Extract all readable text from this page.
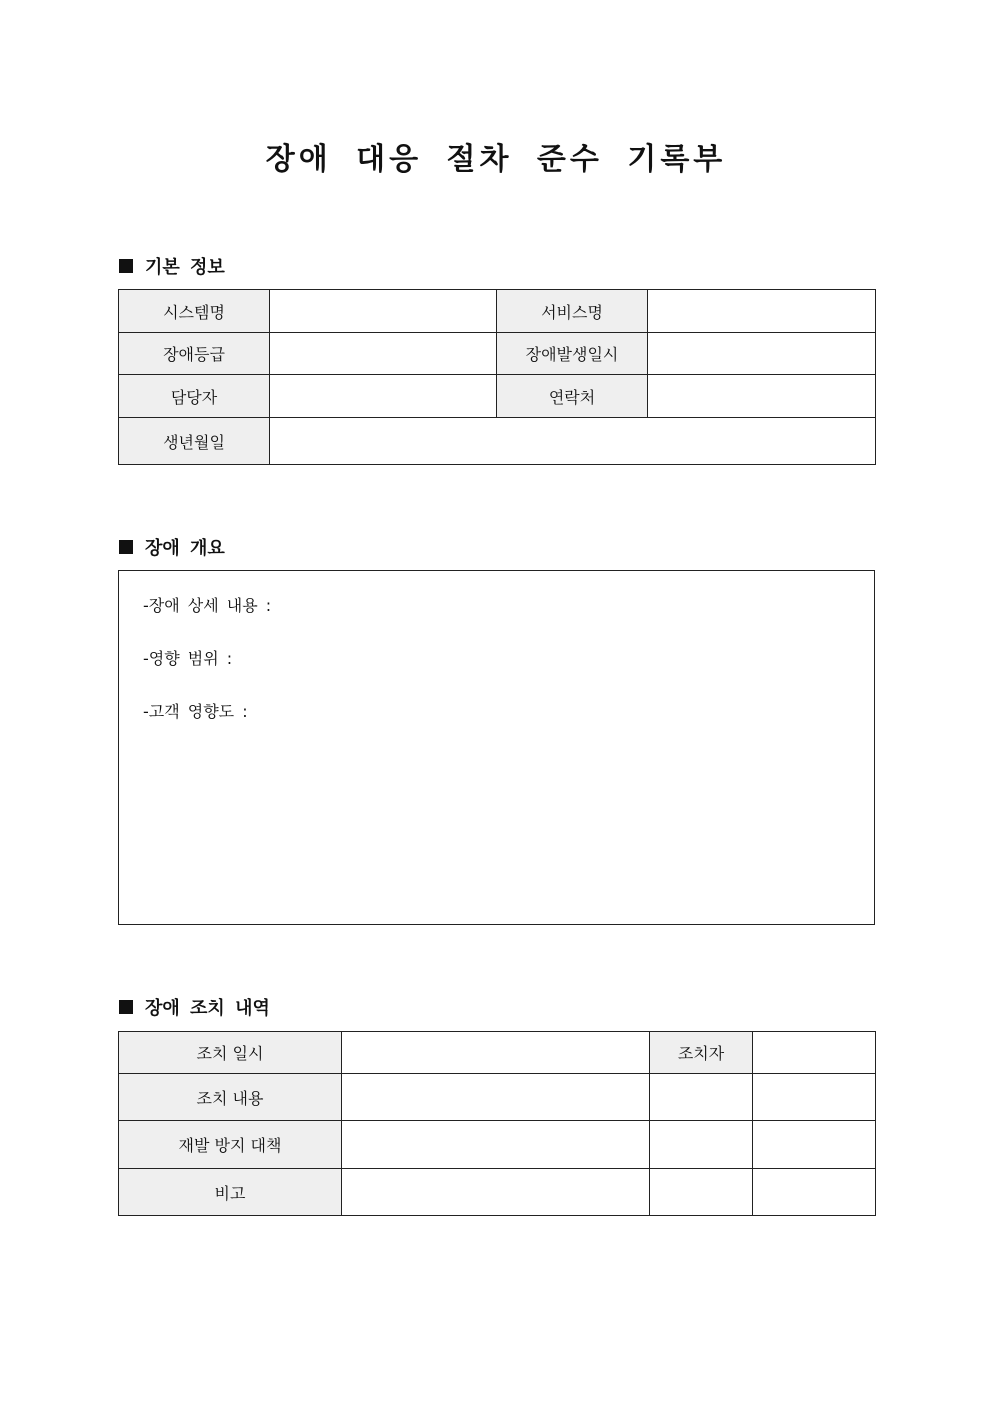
장애 대응 절차 준수 기록부
기본 정보
시스템명		서비스명	
장애등급		장애발생일시	
담당자		연락처	
생년월일			
장애 개요
-장애 상세 내용 :
-영향 범위 :
-고객 영향도 :
장애 조치 내역
조치 일시		조치자	
조치 내용			
재발 방지 대책			
비고			
